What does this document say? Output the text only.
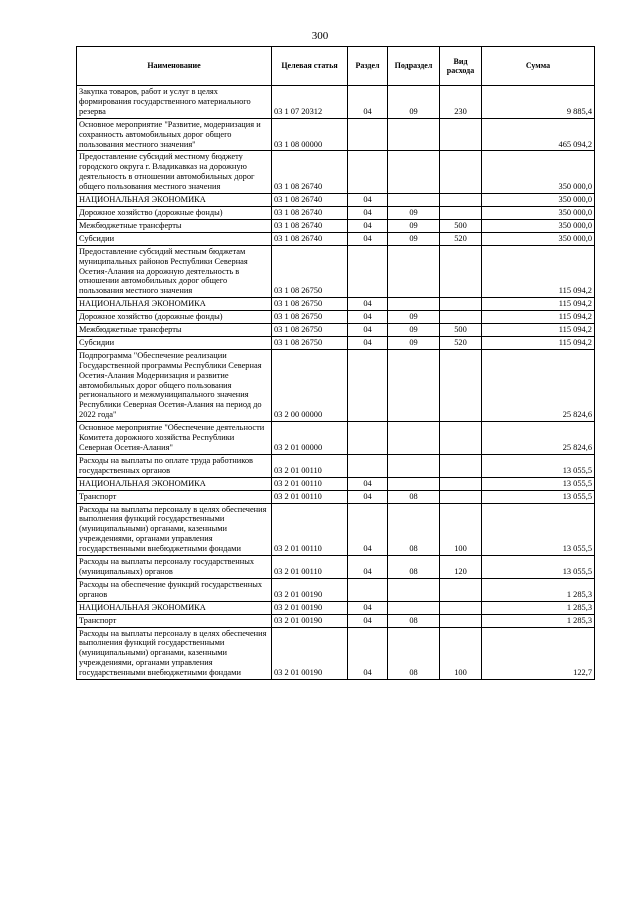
300
Наименование	Целевая статья	Раздел	Подраздел	Вид расхода	Сумма
Закупка товаров, работ и услуг в целях формирования государственного материального резерва	03 1 07 20312	04	09	230	9 885,4
Основное мероприятие "Развитие, модернизация и сохранность автомобильных дорог общего пользования местного значения"	03 1 08 00000				465 094,2
Предоставление субсидий местному бюджету городского округа г. Владикавказ на дорожную деятельность в отношении автомобильных дорог общего пользования местного значения	03 1 08 26740				350 000,0
НАЦИОНАЛЬНАЯ ЭКОНОМИКА	03 1 08 26740	04			350 000,0
Дорожное хозяйство (дорожные фонды)	03 1 08 26740	04	09		350 000,0
Межбюджетные трансферты	03 1 08 26740	04	09	500	350 000,0
Субсидии	03 1 08 26740	04	09	520	350 000,0
Предоставление субсидий местным бюджетам муниципальных районов Республики Северная Осетия-Алания на дорожную деятельность в отношении автомобильных дорог общего пользования местного значения	03 1 08 26750				115 094,2
НАЦИОНАЛЬНАЯ ЭКОНОМИКА	03 1 08 26750	04			115 094,2
Дорожное хозяйство (дорожные фонды)	03 1 08 26750	04	09		115 094,2
Межбюджетные трансферты	03 1 08 26750	04	09	500	115 094,2
Субсидии	03 1 08 26750	04	09	520	115 094,2
Подпрограмма "Обеспечение реализации Государственной программы Республики Северная Осетия-Алания Модернизация и развитие автомобильных дорог общего пользования регионального и межмуниципального значения Республики Северная Осетия-Алания на период до 2022 года"	03 2 00 00000				25 824,6
Основное мероприятие "Обеспечение деятельности Комитета дорожного хозяйства Республики Северная Осетия-Алания"	03 2 01 00000				25 824,6
Расходы на выплаты по оплате труда работников государственных органов	03 2 01 00110				13 055,5
НАЦИОНАЛЬНАЯ ЭКОНОМИКА	03 2 01 00110	04			13 055,5
Транспорт	03 2 01 00110	04	08		13 055,5
Расходы на выплаты персоналу в целях обеспечения выполнения функций государственными (муниципальными) органами, казенными учреждениями, органами управления государственными внебюджетными фондами	03 2 01 00110	04	08	100	13 055,5
Расходы на выплаты персоналу государственных (муниципальных) органов	03 2 01 00110	04	08	120	13 055,5
Расходы на обеспечение функций государственных органов	03 2 01 00190				1 285,3
НАЦИОНАЛЬНАЯ ЭКОНОМИКА	03 2 01 00190	04			1 285,3
Транспорт	03 2 01 00190	04	08		1 285,3
Расходы на выплаты персоналу в целях обеспечения выполнения функций государственными (муниципальными) органами, казенными учреждениями, органами управления государственными внебюджетными фондами	03 2 01 00190	04	08	100	122,7
